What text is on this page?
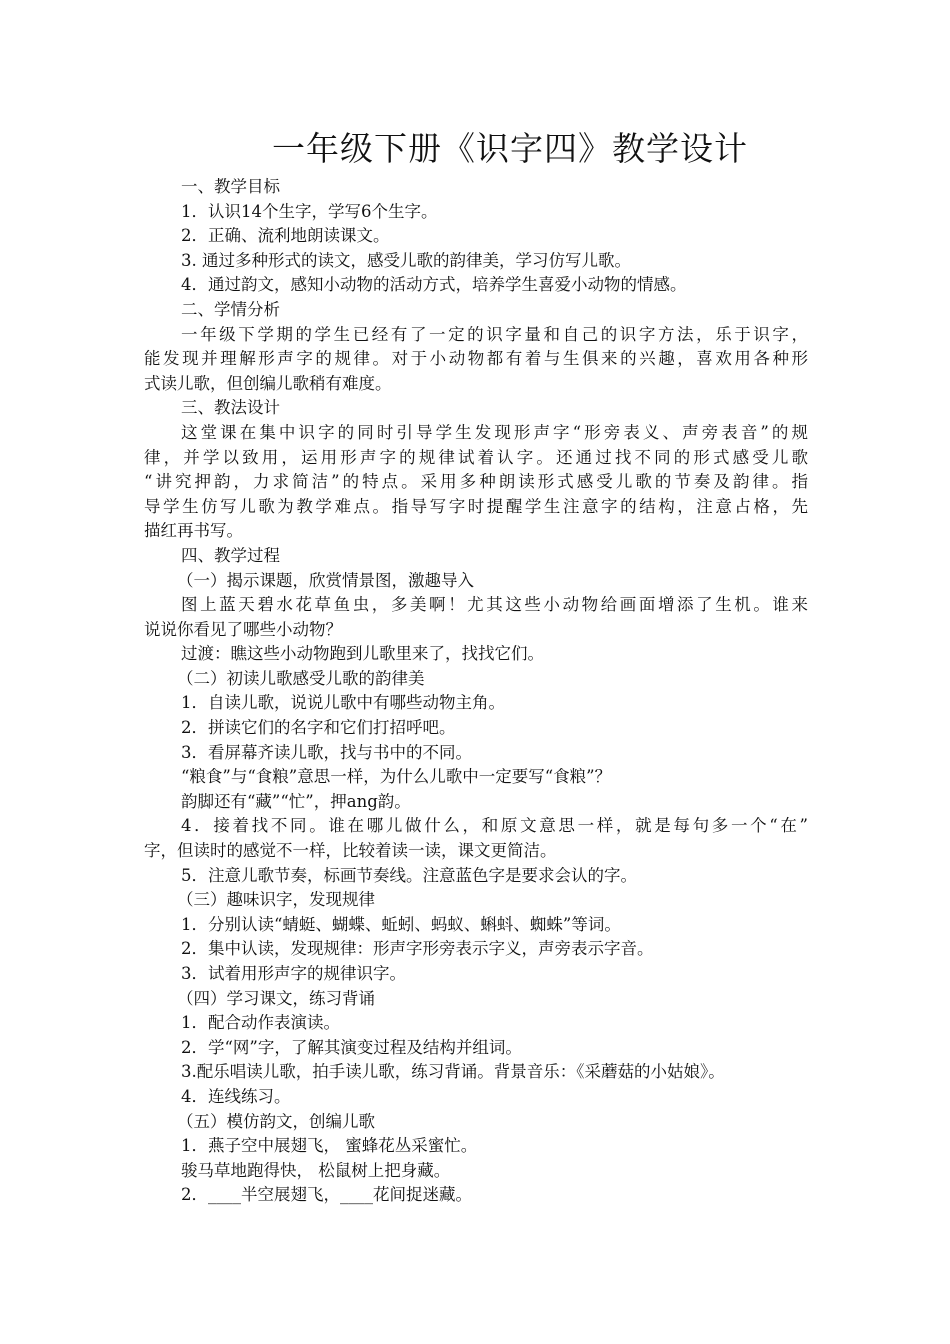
一年级下册《识字四》教学设计
一、教学目标
1．认识14个生字，学写6个生字。
2．正确、流利地朗读课文。
3. 通过多种形式的读文，感受儿歌的韵律美，学习仿写儿歌。
4．通过韵文，感知小动物的活动方式，培养学生喜爱小动物的情感。
二、学情分析
一年级下学期的学生已经有了一定的识字量和自己的识字方法，乐于识字，
能发现并理解形声字的规律。对于小动物都有着与生俱来的兴趣，喜欢用各种形
式读儿歌，但创编儿歌稍有难度。
三、教法设计
这堂课在集中识字的同时引导学生发现形声字“形旁表义、声旁表音”的规
律，并学以致用，运用形声字的规律试着认字。还通过找不同的形式感受儿歌
“讲究押韵，力求简洁”的特点。采用多种朗读形式感受儿歌的节奏及韵律。指
导学生仿写儿歌为教学难点。指导写字时提醒学生注意字的结构，注意占格，先
描红再书写。
四、教学过程
（一）揭示课题，欣赏情景图，激趣导入
图上蓝天碧水花草鱼虫，多美啊！尤其这些小动物给画面增添了生机。谁来
说说你看见了哪些小动物？
过渡：瞧这些小动物跑到儿歌里来了，找找它们。
（二）初读儿歌感受儿歌的韵律美
1．自读儿歌，说说儿歌中有哪些动物主角。
2．拼读它们的名字和它们打招呼吧。
3．看屏幕齐读儿歌，找与书中的不同。
“粮食”与“食粮”意思一样，为什么儿歌中一定要写“食粮”？
韵脚还有“藏”“忙”，押ang韵。
4．接着找不同。谁在哪儿做什么，和原文意思一样，就是每句多一个“在”
字，但读时的感觉不一样，比较着读一读，课文更简洁。
5．注意儿歌节奏，标画节奏线。注意蓝色字是要求会认的字。
（三）趣味识字，发现规律
1．分别认读“蜻蜓、蝴蝶、蚯蚓、蚂蚁、蝌蚪、蜘蛛”等词。
2．集中认读，发现规律：形声字形旁表示字义，声旁表示字音。
3．试着用形声字的规律识字。
（四）学习课文，练习背诵
1．配合动作表演读。
2．学“网”字，了解其演变过程及结构并组词。
3.配乐唱读儿歌，拍手读儿歌，练习背诵。背景音乐：《采蘑菇的小姑娘》。
4．连线练习。
（五）模仿韵文，创编儿歌
1．燕子空中展翅飞， 蜜蜂花丛采蜜忙。
骏马草地跑得快， 松鼠树上把身藏。
2．____半空展翅飞，____花间捉迷藏。
